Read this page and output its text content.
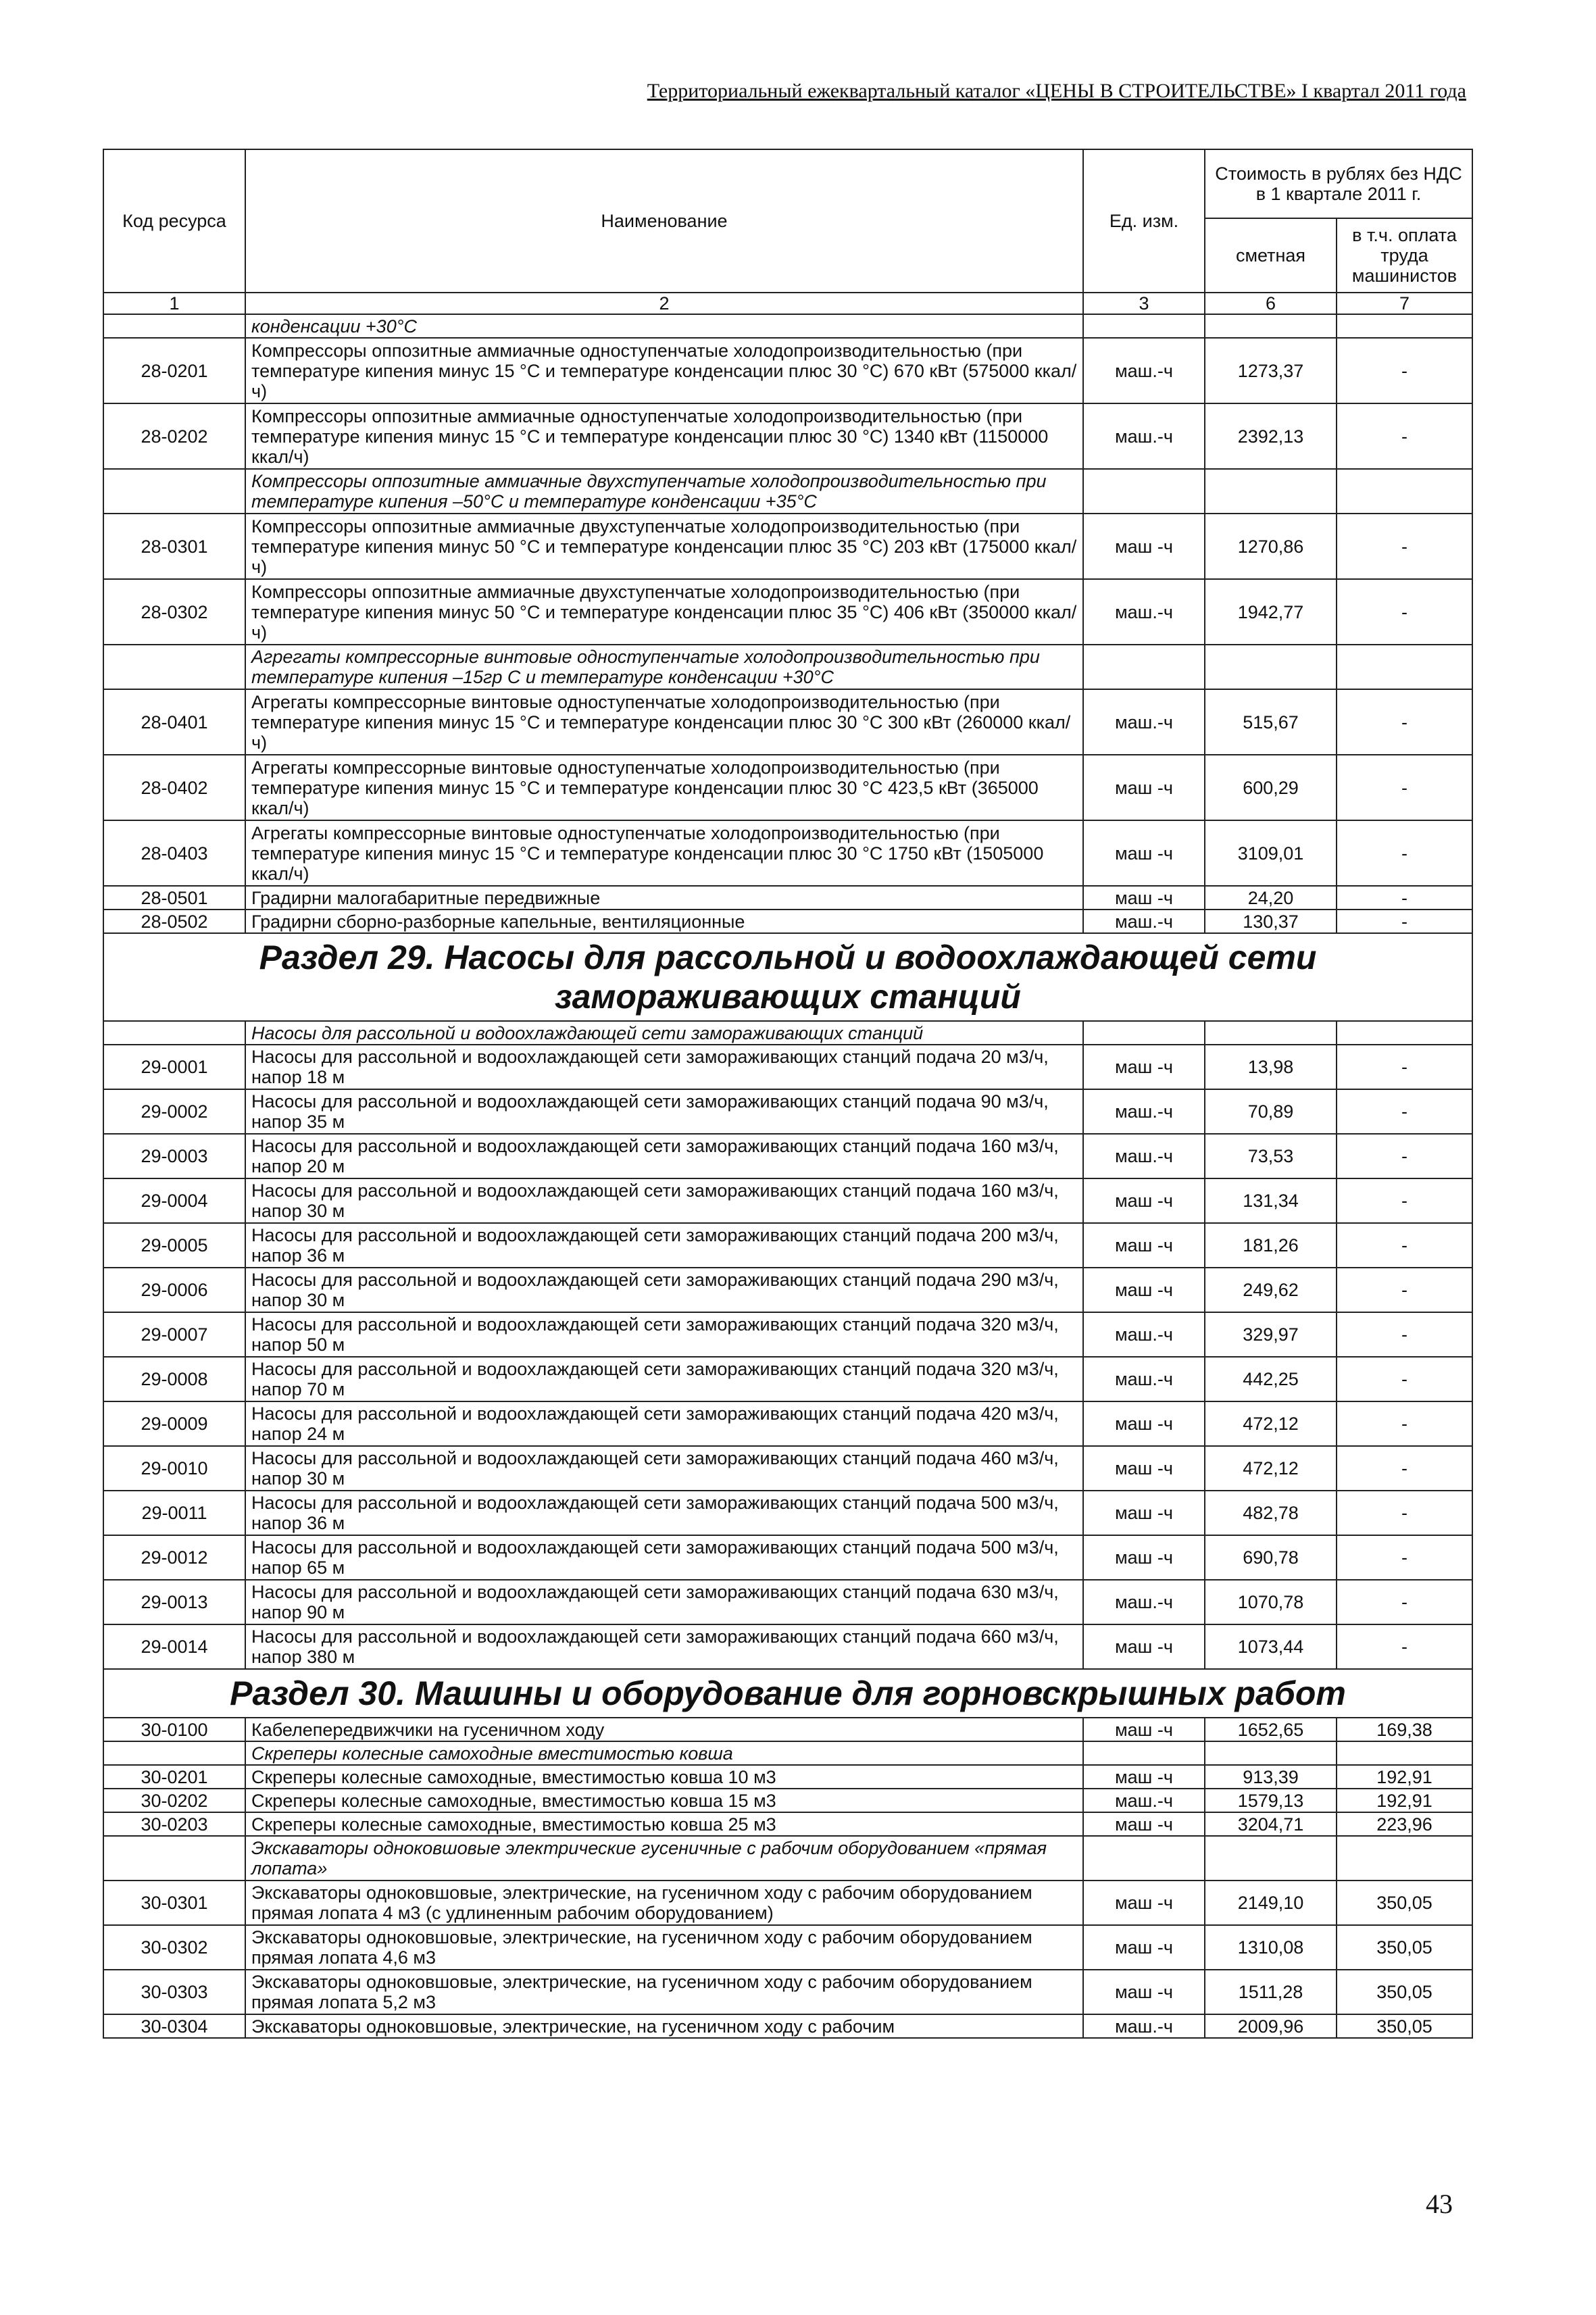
Территориальный ежеквартальный каталог «ЦЕНЫ В СТРОИТЕЛЬСТВЕ» I квартал 2011 года
Код ресурса	Наименование	Ед. изм.	Стоимость в рублях без НДС в 1 квартале 2011 г.	
			сметная	в т.ч. оплата труда машинистов

1	2	3	6	7
	конденсации +30°С			
28-0201	Компрессоры оппозитные аммиачные одноступенчатые холодопроизводительностью (при температуре кипения минус 15 °С и температуре конденсации плюс 30 °С) 670 кВт (575000 ккал/ч)	маш.-ч	1273,37	-
28-0202	Компрессоры оппозитные аммиачные одноступенчатые холодопроизводительностью (при температуре кипения минус 15 °С и температуре конденсации плюс 30 °С) 1340 кВт (1150000 ккал/ч)	маш.-ч	2392,13	-
	Компрессоры оппозитные аммиачные двухступенчатые холодопроизводительностью при температуре кипения –50°С и температуре конденсации +35°С			
28-0301	Компрессоры оппозитные аммиачные двухступенчатые холодопроизводительностью (при температуре кипения минус 50 °С и температуре конденсации плюс 35 °С) 203 кВт (175000 ккал/ч)	маш -ч	1270,86	-
28-0302	Компрессоры оппозитные аммиачные двухступенчатые холодопроизводительностью (при температуре кипения минус 50 °С и температуре конденсации плюс 35 °С) 406 кВт (350000 ккал/ч)	маш.-ч	1942,77	-
	Агрегаты компрессорные винтовые одноступенчатые холодопроизводительностью при температуре кипения –15гр С и температуре конденсации +30°С			
28-0401	Агрегаты компрессорные винтовые одноступенчатые холодопроизводительностью (при температуре кипения минус 15 °С и температуре конденсации плюс 30 °С 300 кВт (260000 ккал/ч)	маш.-ч	515,67	-
28-0402	Агрегаты компрессорные винтовые одноступенчатые холодопроизводительностью (при температуре кипения минус 15 °С и температуре конденсации плюс 30 °С 423,5 кВт (365000 ккал/ч)	маш -ч	600,29	-
28-0403	Агрегаты компрессорные винтовые одноступенчатые холодопроизводительностью (при температуре кипения минус 15 °С и температуре конденсации плюс 30 °С 1750 кВт (1505000 ккал/ч)	маш -ч	3109,01	-
28-0501	Градирни малогабаритные передвижные	маш -ч	24,20	-
28-0502	Градирни сборно-разборные капельные, вентиляционные	маш.-ч	130,37	-
Раздел 29. Насосы для рассольной и водоохлаждающей сети замораживающих станций				
	Насосы для рассольной и водоохлаждающей сети замораживающих станций			
29-0001	Насосы для рассольной и водоохлаждающей сети замораживающих станций подача 20 м3/ч, напор 18 м	маш -ч	13,98	-
29-0002	Насосы для рассольной и водоохлаждающей сети замораживающих станций подача 90 м3/ч, напор 35 м	маш.-ч	70,89	-
29-0003	Насосы для рассольной и водоохлаждающей сети замораживающих станций подача 160 м3/ч, напор 20 м	маш.-ч	73,53	-
29-0004	Насосы для рассольной и водоохлаждающей сети замораживающих станций подача 160 м3/ч, напор 30 м	маш -ч	131,34	-
29-0005	Насосы для рассольной и водоохлаждающей сети замораживающих станций подача 200 м3/ч, напор 36 м	маш -ч	181,26	-
29-0006	Насосы для рассольной и водоохлаждающей сети замораживающих станций подача 290 м3/ч, напор 30 м	маш -ч	249,62	-
29-0007	Насосы для рассольной и водоохлаждающей сети замораживающих станций подача 320 м3/ч, напор 50 м	маш.-ч	329,97	-
29-0008	Насосы для рассольной и водоохлаждающей сети замораживающих станций подача 320 м3/ч, напор 70 м	маш.-ч	442,25	-
29-0009	Насосы для рассольной и водоохлаждающей сети замораживающих станций подача 420 м3/ч, напор 24 м	маш -ч	472,12	-
29-0010	Насосы для рассольной и водоохлаждающей сети замораживающих станций подача 460 м3/ч, напор 30 м	маш -ч	472,12	-
29-0011	Насосы для рассольной и водоохлаждающей сети замораживающих станций подача 500 м3/ч, напор 36 м	маш -ч	482,78	-
29-0012	Насосы для рассольной и водоохлаждающей сети замораживающих станций подача 500 м3/ч, напор 65 м	маш -ч	690,78	-
29-0013	Насосы для рассольной и водоохлаждающей сети замораживающих станций подача 630 м3/ч, напор 90 м	маш.-ч	1070,78	-
29-0014	Насосы для рассольной и водоохлаждающей сети замораживающих станций подача 660 м3/ч, напор 380 м	маш -ч	1073,44	-
Раздел 30. Машины и оборудование для горновскрышных работ				
30-0100	Кабелепередвижчики на гусеничном ходу	маш -ч	1652,65	169,38
	Скреперы колесные самоходные вместимостью ковша			
30-0201	Скреперы колесные самоходные, вместимостью ковша 10 м3	маш -ч	913,39	192,91
30-0202	Скреперы колесные самоходные, вместимостью ковша 15 м3	маш.-ч	1579,13	192,91
30-0203	Скреперы колесные самоходные, вместимостью ковша 25 м3	маш -ч	3204,71	223,96
	Экскаваторы одноковшовые электрические гусеничные с рабочим оборудованием «прямая лопата»			
30-0301	Экскаваторы одноковшовые, электрические, на гусеничном ходу с рабочим оборудованием прямая лопата 4 м3 (с удлиненным рабочим оборудованием)	маш -ч	2149,10	350,05
30-0302	Экскаваторы одноковшовые, электрические, на гусеничном ходу с рабочим оборудованием прямая лопата 4,6 м3	маш -ч	1310,08	350,05
30-0303	Экскаваторы одноковшовые, электрические, на гусеничном ходу с рабочим оборудованием прямая лопата 5,2 м3	маш -ч	1511,28	350,05
30-0304	Экскаваторы одноковшовые, электрические, на гусеничном ходу с рабочим	маш.-ч	2009,96	350,05
43
